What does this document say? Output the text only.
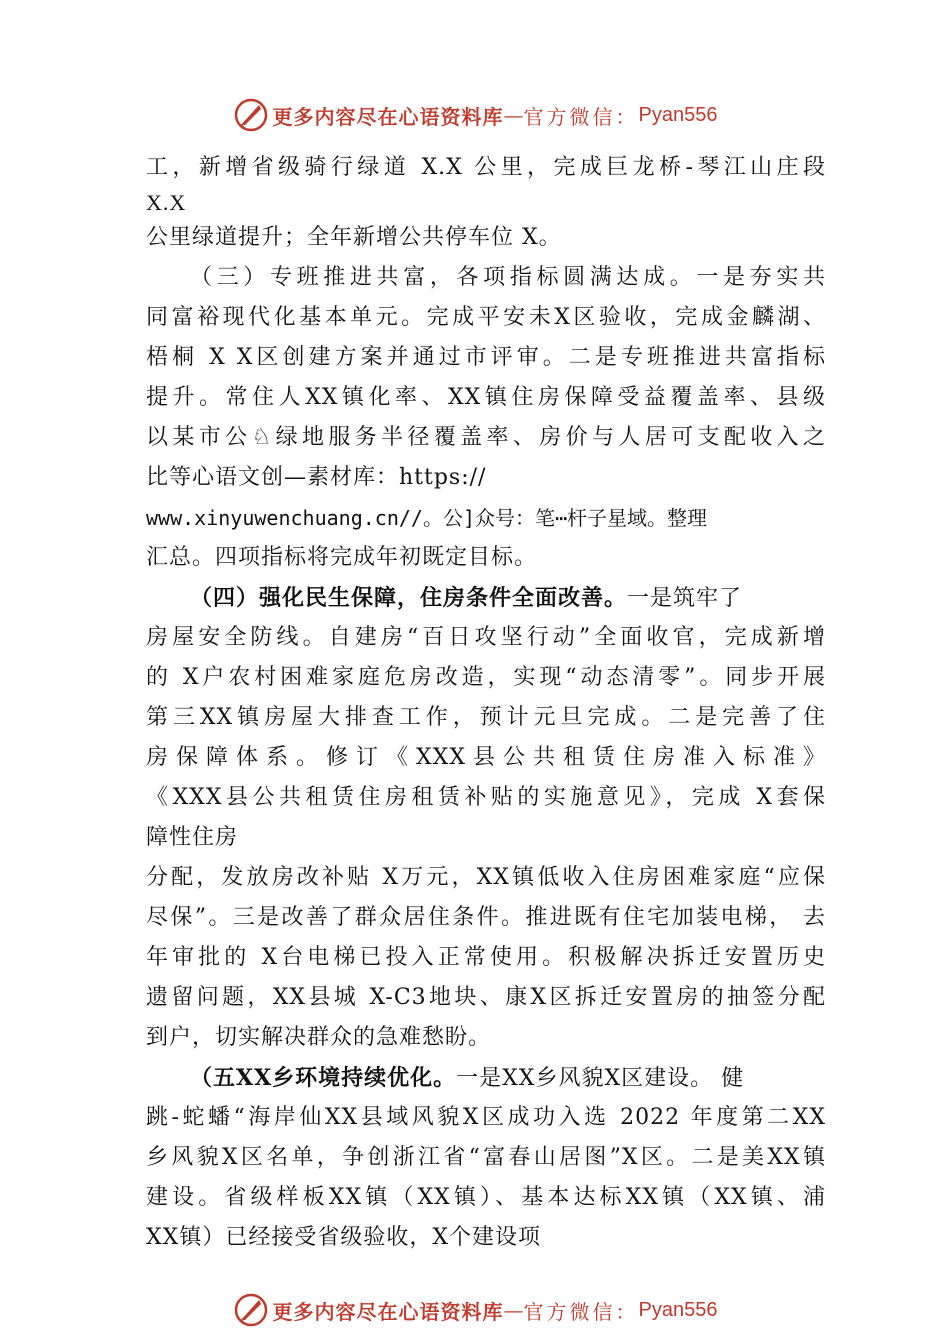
更多内容尽在心语资料库 — 官方微信： Pyan556
工，新增省级骑行绿道 X.X 公里，完成巨龙桥-琴江山庄段
X.X
公里绿道提升；全年新增公共停车位 X。
（三）专班推进共富，各项指标圆满达成。一是夯实共
同富裕现代化基本单元。完成平安未X区验收，完成金麟湖、
梧桐 X X区创建方案并通过市评审。二是专班推进共富指标
提升。常住人XX镇化率、XX镇住房保障受益覆盖率、县级
以某市公♘绿地服务半径覆盖率、房价与人居可支配收入之
比等心语文创—素材库：https://
www.xinyuwenchuang.cn//。公]众号：笔⋯杆子星域。整理
汇总。四项指标将完成年初既定目标。
（四）强化民生保障，住房条件全面改善。一是筑牢了
房屋安全防线。自建房“百日攻坚行动”全面收官，完成新增
的 X户农村困难家庭危房改造，实现“动态清零”。同步开展
第三XX镇房屋大排查工作，预计元旦完成。二是完善了住
房保障体系。修订《XXX县公共租赁住房准入标准》
《XXX县公共租赁住房租赁补贴的实施意见》，完成 X套保
障性住房
分配，发放房改补贴 X万元，XX镇低收入住房困难家庭“应保
尽保”。三是改善了群众居住条件。推进既有住宅加装电梯， 去
年审批的 X台电梯已投入正常使用。积极解决拆迁安置历史
遗留问题，XX县城 X-C3地块、康X区拆迁安置房的抽签分配
到户，切实解决群众的急难愁盼。
（五XX乡环境持续优化。一是XX乡风貌X区建设。 健
跳-蛇蟠“海岸仙XX县域风貌X区成功入选 2022 年度第二XX
乡风貌X区名单，争创浙江省“富春山居图”X区。二是美XX镇
建设。省级样板XX镇（XX镇）、基本达标XX镇（XX镇、浦
XX镇）已经接受省级验收，X个建设项
更多内容尽在心语资料库 — 官方微信： Pyan556
